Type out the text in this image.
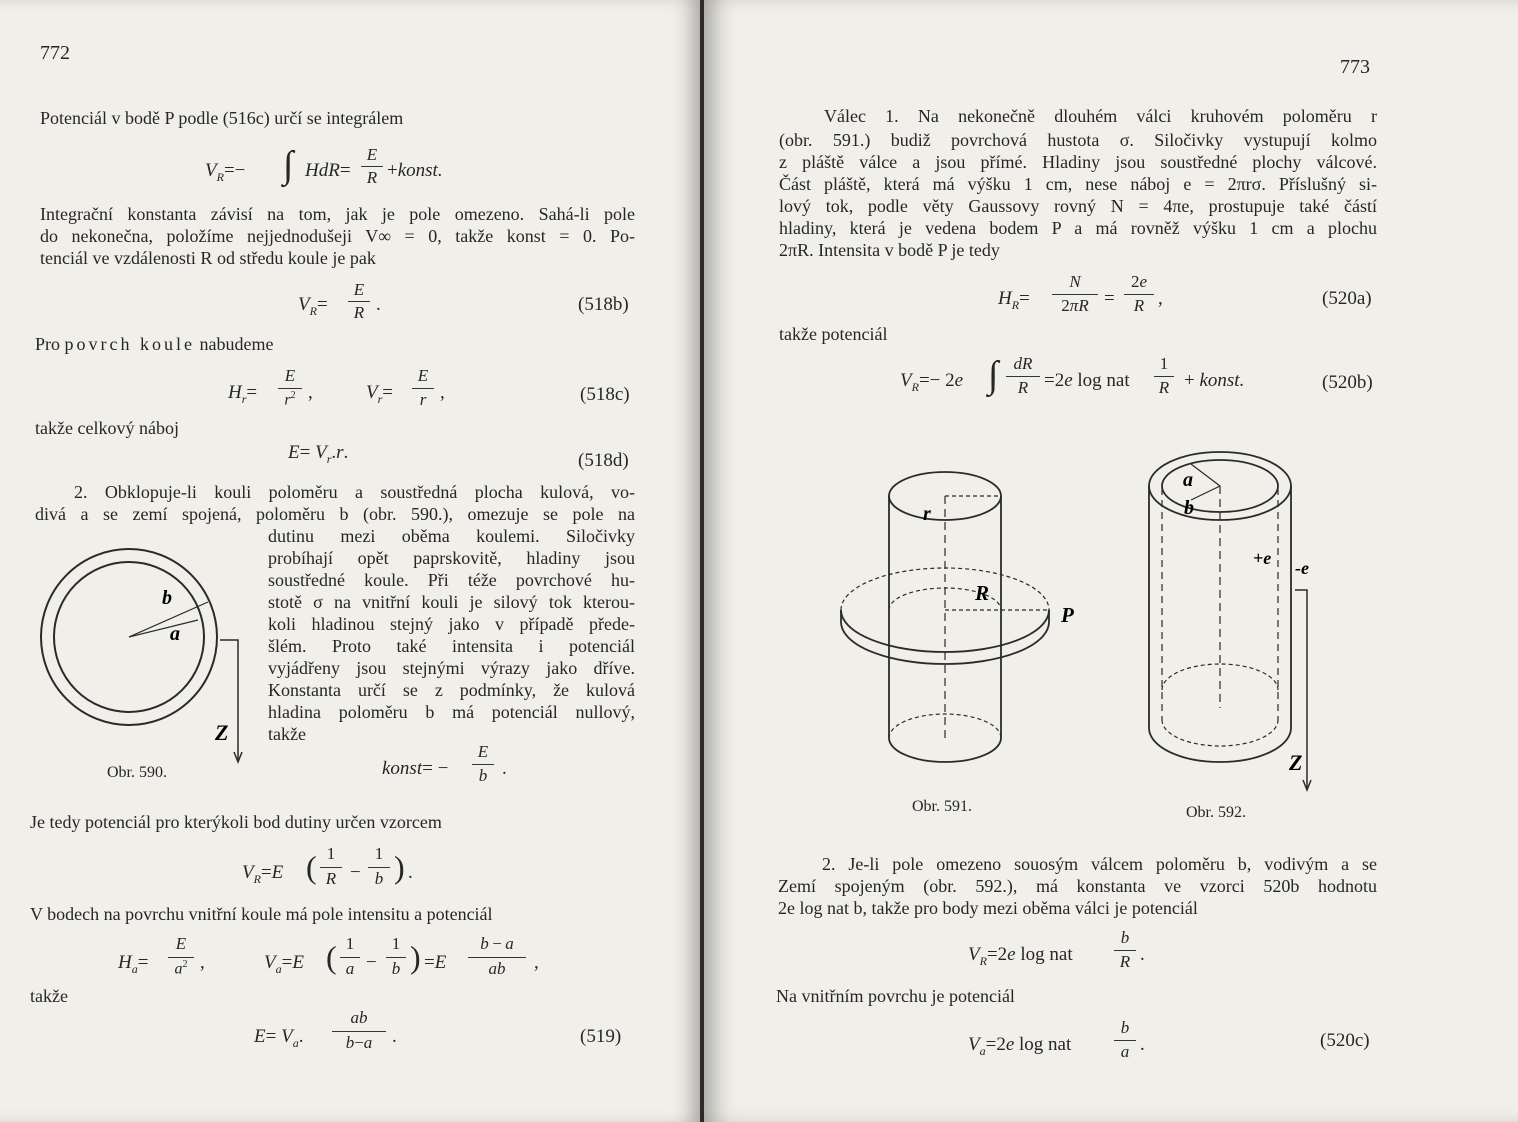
772
Potenciál v bodě P podle (516c) určí se integrálem
$V_R=-$ ∫ HdR=
E
R +konst.
Integrační konstanta závisí na tom, jak je pole omezeno. Sahá-li pole
do nekonečna, položíme nejjednodušeji V∞ = 0, takže konst = 0. Po-
tenciál ve vzdálenosti R od středu koule je pak
$V_R=$
E
R .	(518b)
Pro povrch koule nabudeme
$H_r=$
E
$r^2$ ,	$V_r=$
E
r ,	(518c)
takže celkový náboj
$E= V_r.r$.	(518d)
2. Obklopuje-li kouli poloměru a soustředná plocha kulová, vo-
divá a se zemí spojená, poloměru b (obr. 590.), omezuje se pole na
dutinu mezi oběma koulemi. Siločivky
probíhají opět paprskovitě, hladiny jsou
soustředné koule. Při téže povrchové hu-
stotě σ na vnitřní kouli je silový tok kterou-
koli hladinou stejný jako v případě přede-
šlém. Proto také intensita i potenciál
vyjádřeny jsou stejnými výrazy jako dříve.
Konstanta určí se z podmínky, že kulová
hladina poloměru b má potenciál nullový,
takže
b
a
Z
Obr. 590.	konst= −
E
b .
Je tedy potenciál pro kterýkoli bod dutiny určen vzorcem
$V_R=E$ ( 1
R −
1
b ) .
V bodech na povrchu vnitřní koule má pole intensitu a potenciál
$H_a=$
E
$a^2$ ,	$V_a=E$ ( 1
a −
1
b ) =E
b − a
ab	,
takže
$E= V_a$.
ab
b−a	.	(519)
773
Válec 1. Na nekonečně dlouhém válci kruhovém poloměru r
(obr. 591.) budiž povrchová hustota σ. Siločivky vystupují kolmo
z pláště válce a jsou přímé. Hladiny jsou soustředné plochy válcové.
Část pláště, která má výšku 1 cm, nese náboj e = 2πrσ. Příslušný si-
lový tok, podle věty Gaussovy rovný N = 4πe, prostupuje také částí
hladiny, která je vedena bodem P a má rovněž výšku 1 cm a plochu
2πR. Intensita v bodě P je tedy
$H_R=$
N
2πR =
2e
R ,	(520a)
takže potenciál
$V_R=- 2e$ ∫ dR
R =2e log nat
1
R + konst.	(520b)
r
R
P
Obr. 591.
a
b
+e -e
Z
Obr. 592.
2. Je-li pole omezeno souosým válcem poloměru b, vodivým a se
Zemí spojeným (obr. 592.), má konstanta ve vzorci 520b hodnotu
2e log nat b, takže pro body mezi oběma válci je potenciál
$V_R=2e$ log nat
b
R .
Na vnitřním povrchu je potenciál
$V_a=2e$ log nat
b
a .	(520c)
